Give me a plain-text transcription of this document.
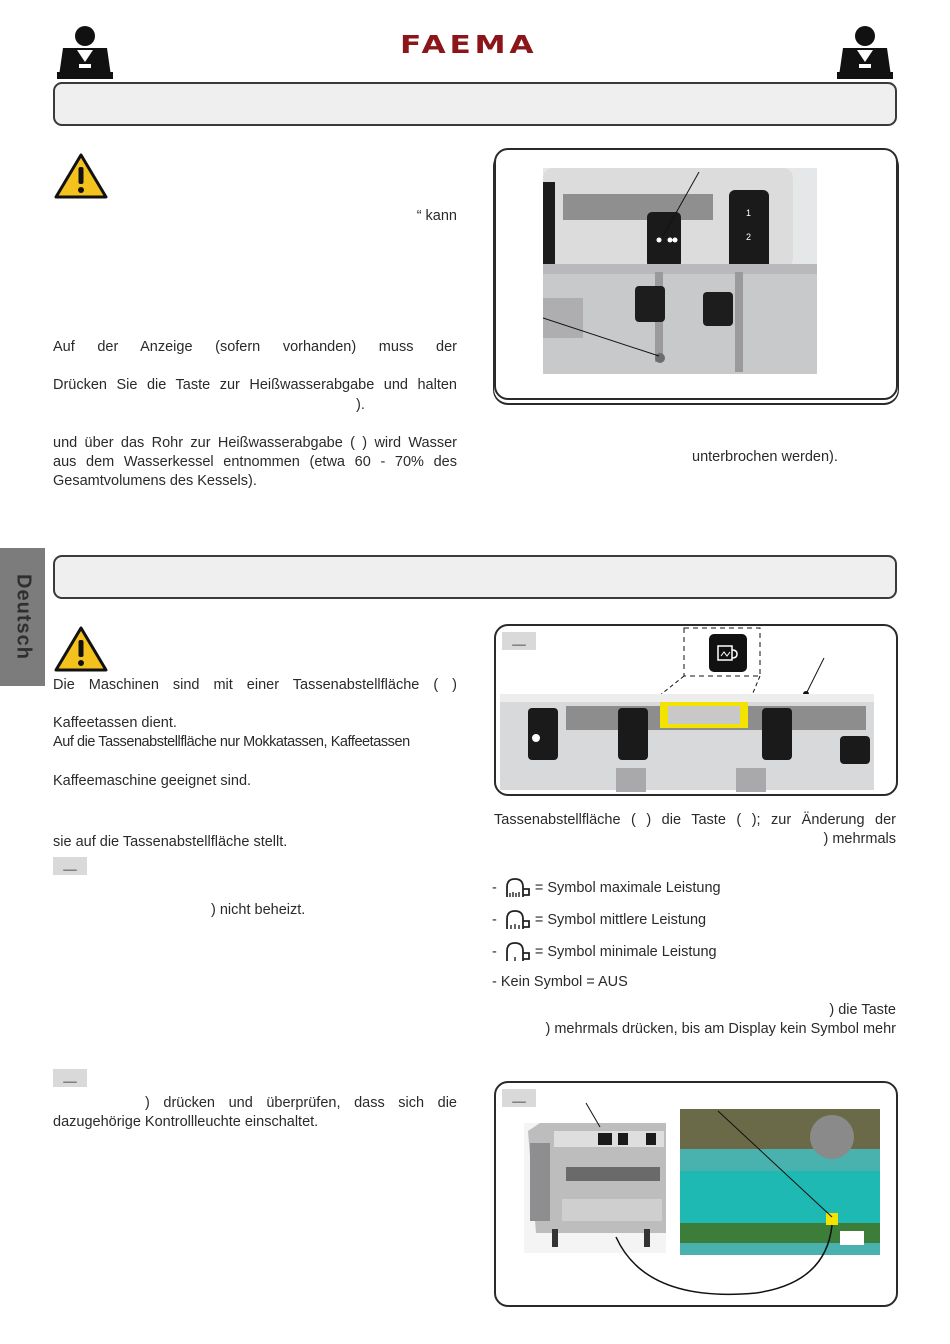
FAEMA
“ kann
Auf der Anzeige (sofern vorhanden) muss der
Drücken Sie die Taste zur Heißwasserabgabe und halten
).
und über das Rohr zur Heißwasserabgabe ( ) wird Wasser
aus dem Wasserkessel entnommen (etwa 60 - 70% des
Gesamtvolumens des Kessels).
1
2
unterbrochen werden).
Deutsch
Die Maschinen sind mit einer Tassenabstellfläche ( )
Kaffeetassen dient.
Auf die Tassenabstellfläche nur Mokkatassen, Kaffeetassen
Kaffeemaschine geeignet sind.
sie auf die Tassenabstellfläche stellt.
__
) nicht beheizt.
__
) drücken und überprüfen, dass sich die
dazugehörige Kontrollleuchte einschaltet.
__
Tassenabstellfläche ( ) die Taste ( ); zur Änderung der
) mehrmals
- = Symbol maximale Leistung
- = Symbol mittlere Leistung
- = Symbol minimale Leistung
- Kein Symbol = AUS
) die Taste
) mehrmals drücken, bis am Display kein Symbol mehr
__
